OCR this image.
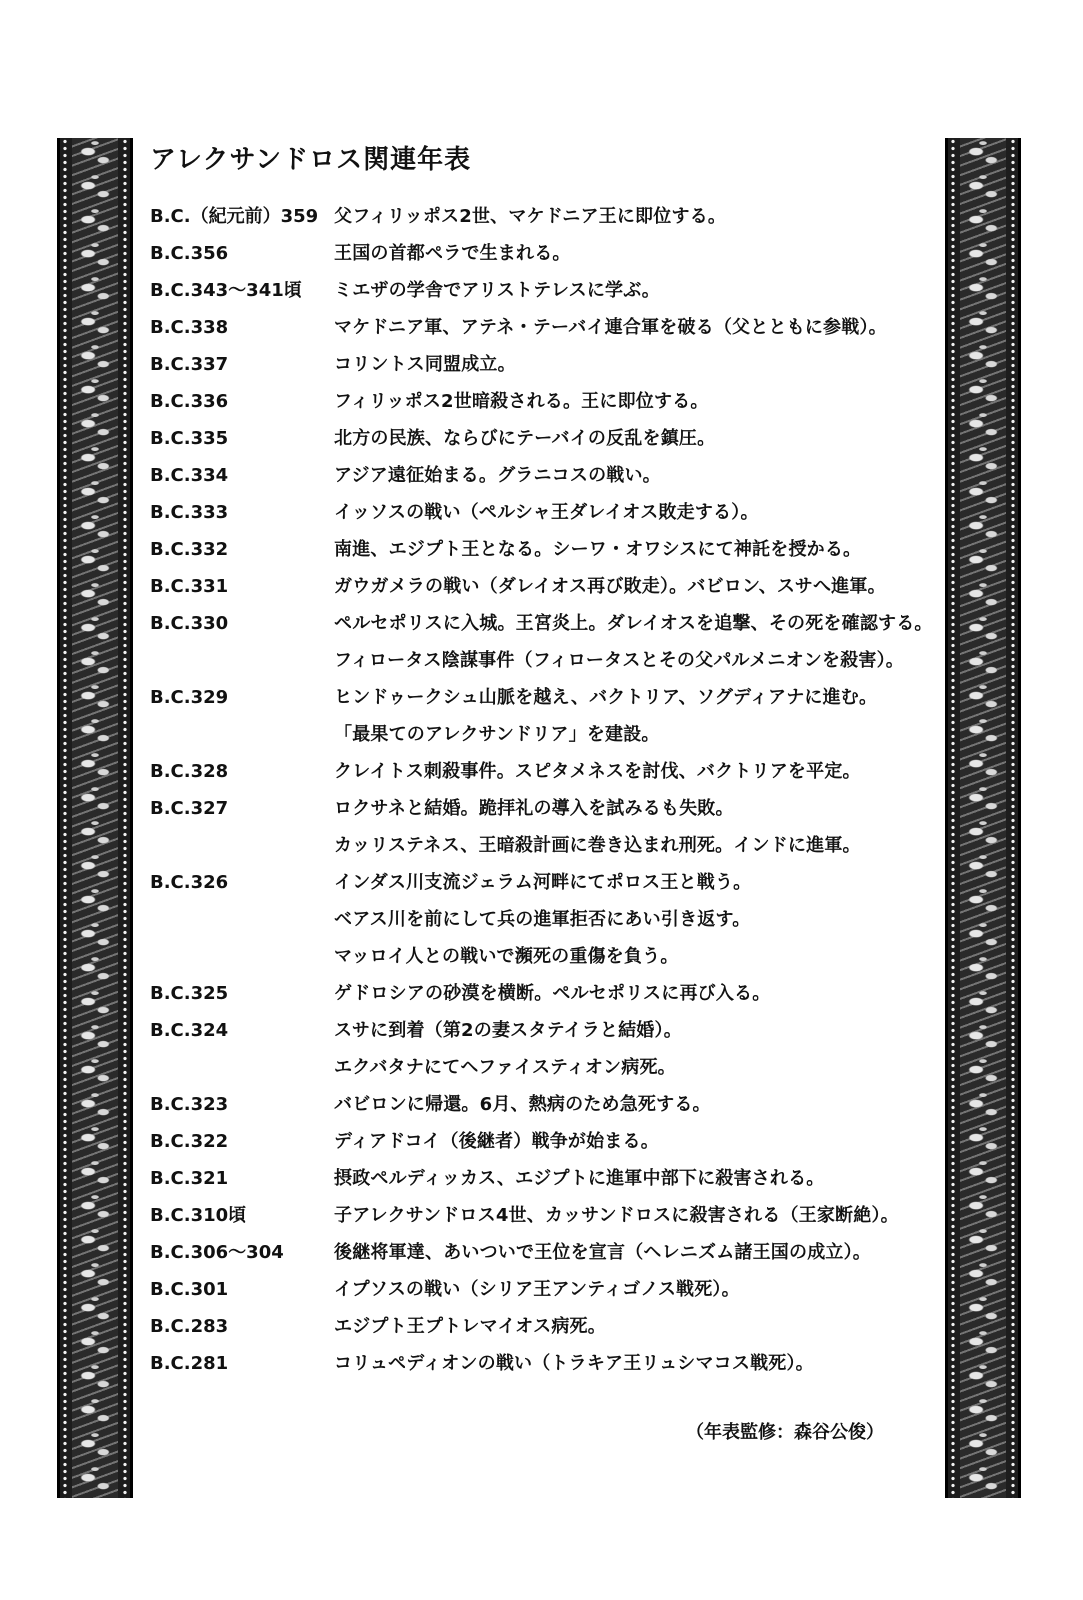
アレクサンドロス関連年表
B.C.（紀元前）359 父フィリッポス2世、マケドニア王に即位する。
B.C.356	王国の首都ペラで生まれる。
B.C.343～341頃	ミエザの学舎でアリストテレスに学ぶ。
B.C.338	マケドニア軍、アテネ・テーバイ連合軍を破る（父とともに参戦）。
B.C.337	コリントス同盟成立。
B.C.336	フィリッポス2世暗殺される。王に即位する。
B.C.335	北方の民族、ならびにテーバイの反乱を鎮圧。
B.C.334	アジア遠征始まる。グラニコスの戦い。
B.C.333	イッソスの戦い（ペルシャ王ダレイオス敗走する）。
B.C.332	南進、エジプト王となる。シーワ・オワシスにて神託を授かる。
B.C.331	ガウガメラの戦い（ダレイオス再び敗走）。バビロン、スサへ進軍。
B.C.330	ペルセポリスに入城。王宮炎上。ダレイオスを追撃、その死を確認する。
フィロータス陰謀事件（フィロータスとその父パルメニオンを殺害）。
B.C.329	ヒンドゥークシュ山脈を越え、バクトリア、ソグディアナに進む。
「最果てのアレクサンドリア」を建設。
B.C.328	クレイトス刺殺事件。スピタメネスを討伐、バクトリアを平定。
B.C.327	ロクサネと結婚。跪拝礼の導入を試みるも失敗。
カッリステネス、王暗殺計画に巻き込まれ刑死。インドに進軍。
B.C.326	インダス川支流ジェラム河畔にてポロス王と戦う。
ベアス川を前にして兵の進軍拒否にあい引き返す。
マッロイ人との戦いで瀕死の重傷を負う。
B.C.325	ゲドロシアの砂漠を横断。ペルセポリスに再び入る。
B.C.324	スサに到着（第2の妻スタテイラと結婚）。
エクバタナにてヘファイスティオン病死。
B.C.323	バビロンに帰還。6月、熱病のため急死する。
B.C.322	ディアドコイ（後継者）戦争が始まる。
B.C.321	摂政ペルディッカス、エジプトに進軍中部下に殺害される。
B.C.310頃	子アレクサンドロス4世、カッサンドロスに殺害される（王家断絶）。
B.C.306～304	後継将軍達、あいついで王位を宣言（ヘレニズム諸王国の成立）。
B.C.301	イプソスの戦い（シリア王アンティゴノス戦死）。
B.C.283	エジプト王プトレマイオス病死。
B.C.281	コリュペディオンの戦い（トラキア王リュシマコス戦死）。
（年表監修：森谷公俊）
